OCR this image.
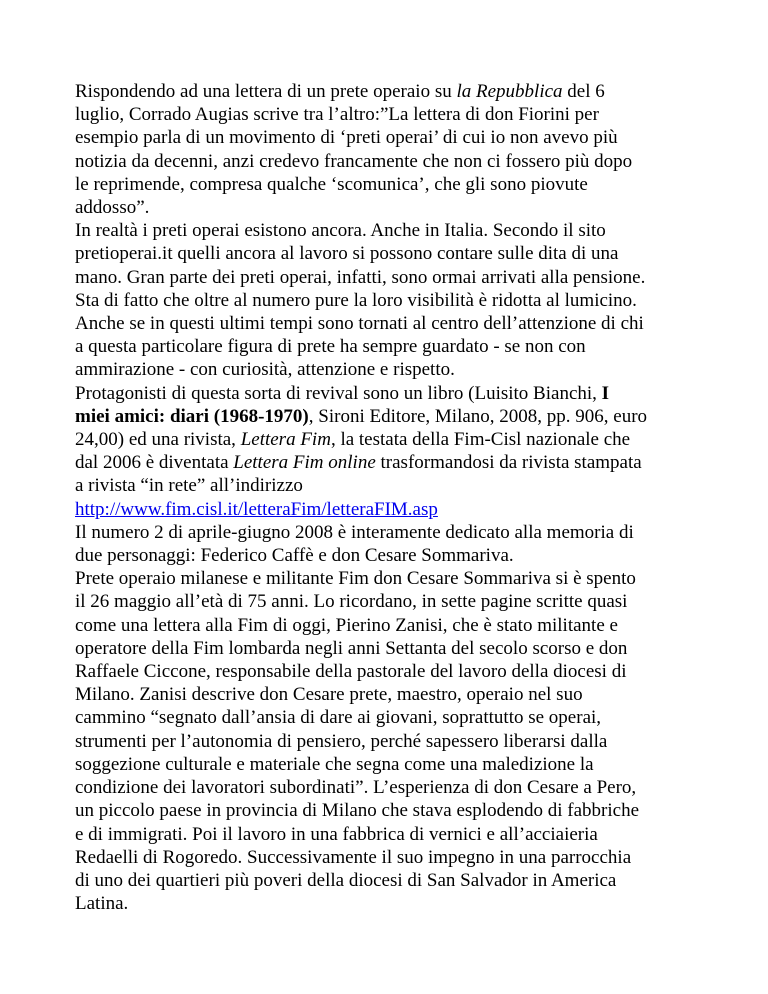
Rispondendo ad una lettera di un prete operaio su la Repubblica del 6
luglio, Corrado Augias scrive tra l’altro:”La lettera di don Fiorini per
esempio parla di un movimento di ‘preti operai’ di cui io non avevo più
notizia da decenni, anzi credevo francamente che non ci fossero più dopo
le reprimende, compresa qualche ‘scomunica’, che gli sono piovute
addosso”.
In realtà i preti operai esistono ancora. Anche in Italia. Secondo il sito
pretioperai.it quelli ancora al lavoro si possono contare sulle dita di una
mano. Gran parte dei preti operai, infatti, sono ormai arrivati alla pensione.
Sta di fatto che oltre al numero pure la loro visibilità è ridotta al lumicino.
Anche se in questi ultimi tempi sono tornati al centro dell’attenzione di chi
a questa particolare figura di prete ha sempre guardato - se non con
ammirazione - con curiosità, attenzione e rispetto.
Protagonisti di questa sorta di revival sono un libro (Luisito Bianchi, I
miei amici: diari (1968-1970), Sironi Editore, Milano, 2008, pp. 906, euro
24,00) ed una rivista, Lettera Fim, la testata della Fim-Cisl nazionale che
dal 2006 è diventata Lettera Fim online trasformandosi da rivista stampata
a rivista “in rete” all’indirizzo
http://www.fim.cisl.it/letteraFim/letteraFIM.asp
Il numero 2 di aprile-giugno 2008 è interamente dedicato alla memoria di
due personaggi: Federico Caffè e don Cesare Sommariva.
Prete operaio milanese e militante Fim don Cesare Sommariva si è spento
il 26 maggio all’età di 75 anni. Lo ricordano, in sette pagine scritte quasi
come una lettera alla Fim di oggi, Pierino Zanisi, che è stato militante e
operatore della Fim lombarda negli anni Settanta del secolo scorso e don
Raffaele Ciccone, responsabile della pastorale del lavoro della diocesi di
Milano. Zanisi descrive don Cesare prete, maestro, operaio nel suo
cammino “segnato dall’ansia di dare ai giovani, soprattutto se operai,
strumenti per l’autonomia di pensiero, perché sapessero liberarsi dalla
soggezione culturale e materiale che segna come una maledizione la
condizione dei lavoratori subordinati”. L’esperienza di don Cesare a Pero,
un piccolo paese in provincia di Milano che stava esplodendo di fabbriche
e di immigrati. Poi il lavoro in una fabbrica di vernici e all’acciaieria
Redaelli di Rogoredo. Successivamente il suo impegno in una parrocchia
di uno dei quartieri più poveri della diocesi di San Salvador in America
Latina.
